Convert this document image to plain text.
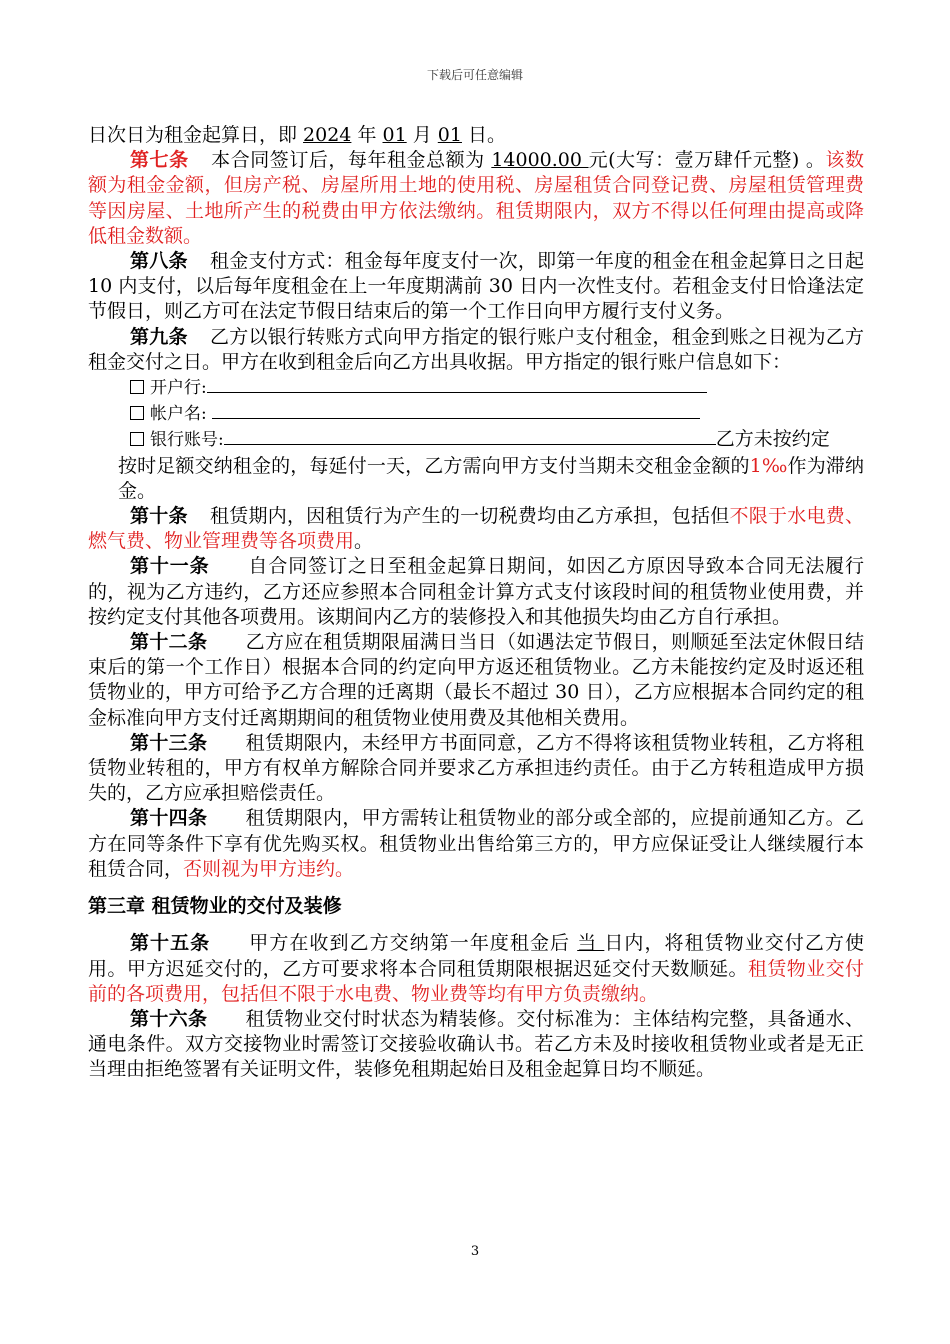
下载后可任意编辑

日次日为租金起算日，即 2024 年 01 月 01 日。

第七条 本合同签订后，每年租金总额为 14000.00 元(大写：壹万肆仟元整) 。该数额为租金金额，但房产税、房屋所用土地的使用税、房屋租赁合同登记费、房屋租赁管理费等因房屋、土地所产生的税费由甲方依法缴纳。租赁期限内，双方不得以任何理由提高或降低租金数额。

第八条 租金支付方式：租金每年度支付一次，即第一年度的租金在租金起算日之日起 10 内支付，以后每年度租金在上一年度期满前 30 日内一次性支付。若租金支付日恰逢法定节假日，则乙方可在法定节假日结束后的第一个工作日向甲方履行支付义务。

第九条 乙方以银行转账方式向甲方指定的银行账户支付租金，租金到账之日视为乙方租金交付之日。甲方在收到租金后向乙方出具收据。甲方指定的银行账户信息如下：

开户行:
帐户名:
银行账号:	乙方未按约定

按时足额交纳租金的，每延付一天，乙方需向甲方支付当期未交租金金额的1‰作为滞纳金。

第十条 租赁期内，因租赁行为产生的一切税费均由乙方承担，包括但不限于水电费、燃气费、物业管理费等各项费用。

第十一条 自合同签订之日至租金起算日期间，如因乙方原因导致本合同无法履行的，视为乙方违约，乙方还应参照本合同租金计算方式支付该段时间的租赁物业使用费，并按约定支付其他各项费用。该期间内乙方的装修投入和其他损失均由乙方自行承担。

第十二条 乙方应在租赁期限届满日当日（如遇法定节假日，则顺延至法定休假日结束后的第一个工作日）根据本合同的约定向甲方返还租赁物业。乙方未能按约定及时返还租赁物业的，甲方可给予乙方合理的迁离期（最长不超过 30 日），乙方应根据本合同约定的租金标准向甲方支付迁离期期间的租赁物业使用费及其他相关费用。

第十三条 租赁期限内，未经甲方书面同意，乙方不得将该租赁物业转租，乙方将租赁物业转租的，甲方有权单方解除合同并要求乙方承担违约责任。由于乙方转租造成甲方损失的，乙方应承担赔偿责任。

第十四条 租赁期限内，甲方需转让租赁物业的部分或全部的，应提前通知乙方。乙方在同等条件下享有优先购买权。租赁物业出售给第三方的，甲方应保证受让人继续履行本租赁合同，否则视为甲方违约。

第三章 租赁物业的交付及装修

第十五条 甲方在收到乙方交纳第一年度租金后 当 日内，将租赁物业交付乙方使用。甲方迟延交付的，乙方可要求将本合同租赁期限根据迟延交付天数顺延。租赁物业交付前的各项费用，包括但不限于水电费、物业费等均有甲方负责缴纳。

第十六条 租赁物业交付时状态为精装修。交付标准为：主体结构完整，具备通水、通电条件。双方交接物业时需签订交接验收确认书。若乙方未及时接收租赁物业或者是无正当理由拒绝签署有关证明文件，装修免租期起始日及租金起算日均不顺延。

3
